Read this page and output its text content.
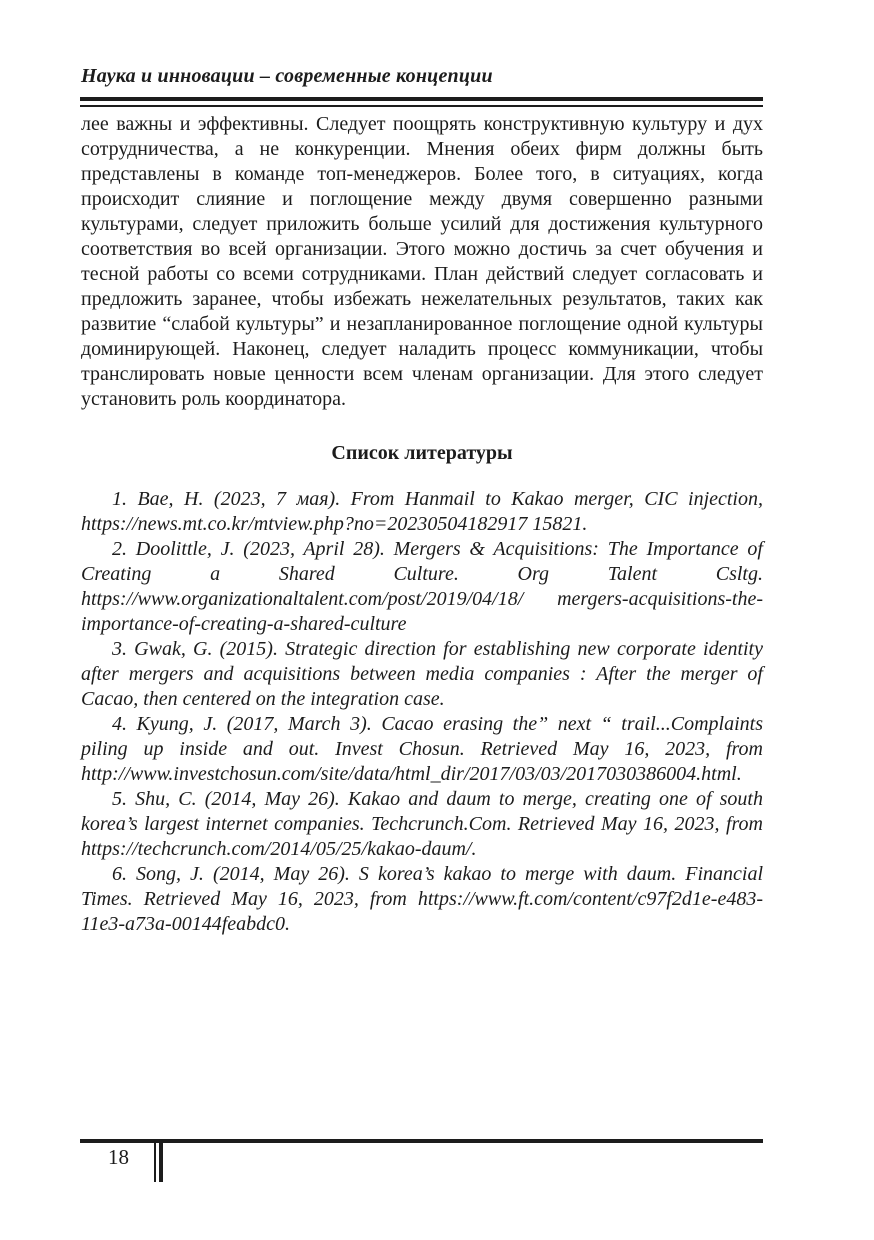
Наука и инновации – современные концепции

лее важны и эффективны. Следует поощрять конструктивную культуру и дух сотрудничества, а не конкуренции. Мнения обеих фирм должны быть представлены в команде топ-менеджеров. Более того, в ситуациях, когда происходит слияние и поглощение между двумя совершенно разными культурами, следует приложить больше усилий для достижения культурного соответствия во всей организации. Этого можно достичь за счет обучения и тесной работы со всеми сотрудниками. План действий следует согласовать и предложить заранее, чтобы избежать нежелательных результатов, таких как развитие “слабой культуры” и незапланированное поглощение одной культуры доминирующей. Наконец, следует наладить процесс коммуникации, чтобы транслировать новые ценности всем членам организации. Для этого следует установить роль координатора.

Список литературы

1. Bae, H. (2023, 7 мая). From Hanmail to Kakao merger, CIC injection, https://news.mt.co.kr/mtview.php?no=20230504182917 15821.

2. Doolittle, J. (2023, April 28). Mergers & Acquisitions: The Importance of Creating a Shared Culture. Org Talent Csltg. https://www.organizationaltalent.com/post/2019/04/18/ mergers-acquisitions-the-importance-of-creating-a-shared-culture

3. Gwak, G. (2015). Strategic direction for establishing new corporate identity after mergers and acquisitions between media companies : After the merger of Cacao, then centered on the integration case.

4. Kyung, J. (2017, March 3). Cacao erasing the” next “ trail...Complaints piling up inside and out. Invest Chosun. Retrieved May 16, 2023, from http://www.investchosun.com/site/data/html_dir/2017/03/03/2017030386004.html.

5. Shu, C. (2014, May 26). Kakao and daum to merge, creating one of south korea’s largest internet companies. Techcrunch.Com. Retrieved May 16, 2023, from https://techcrunch.com/2014/05/25/kakao-daum/.

6. Song, J. (2014, May 26). S korea’s kakao to merge with daum. Financial Times. Retrieved May 16, 2023, from https://www.ft.com/content/c97f2d1e-e483-11e3-a73a-00144feabdc0.

18
